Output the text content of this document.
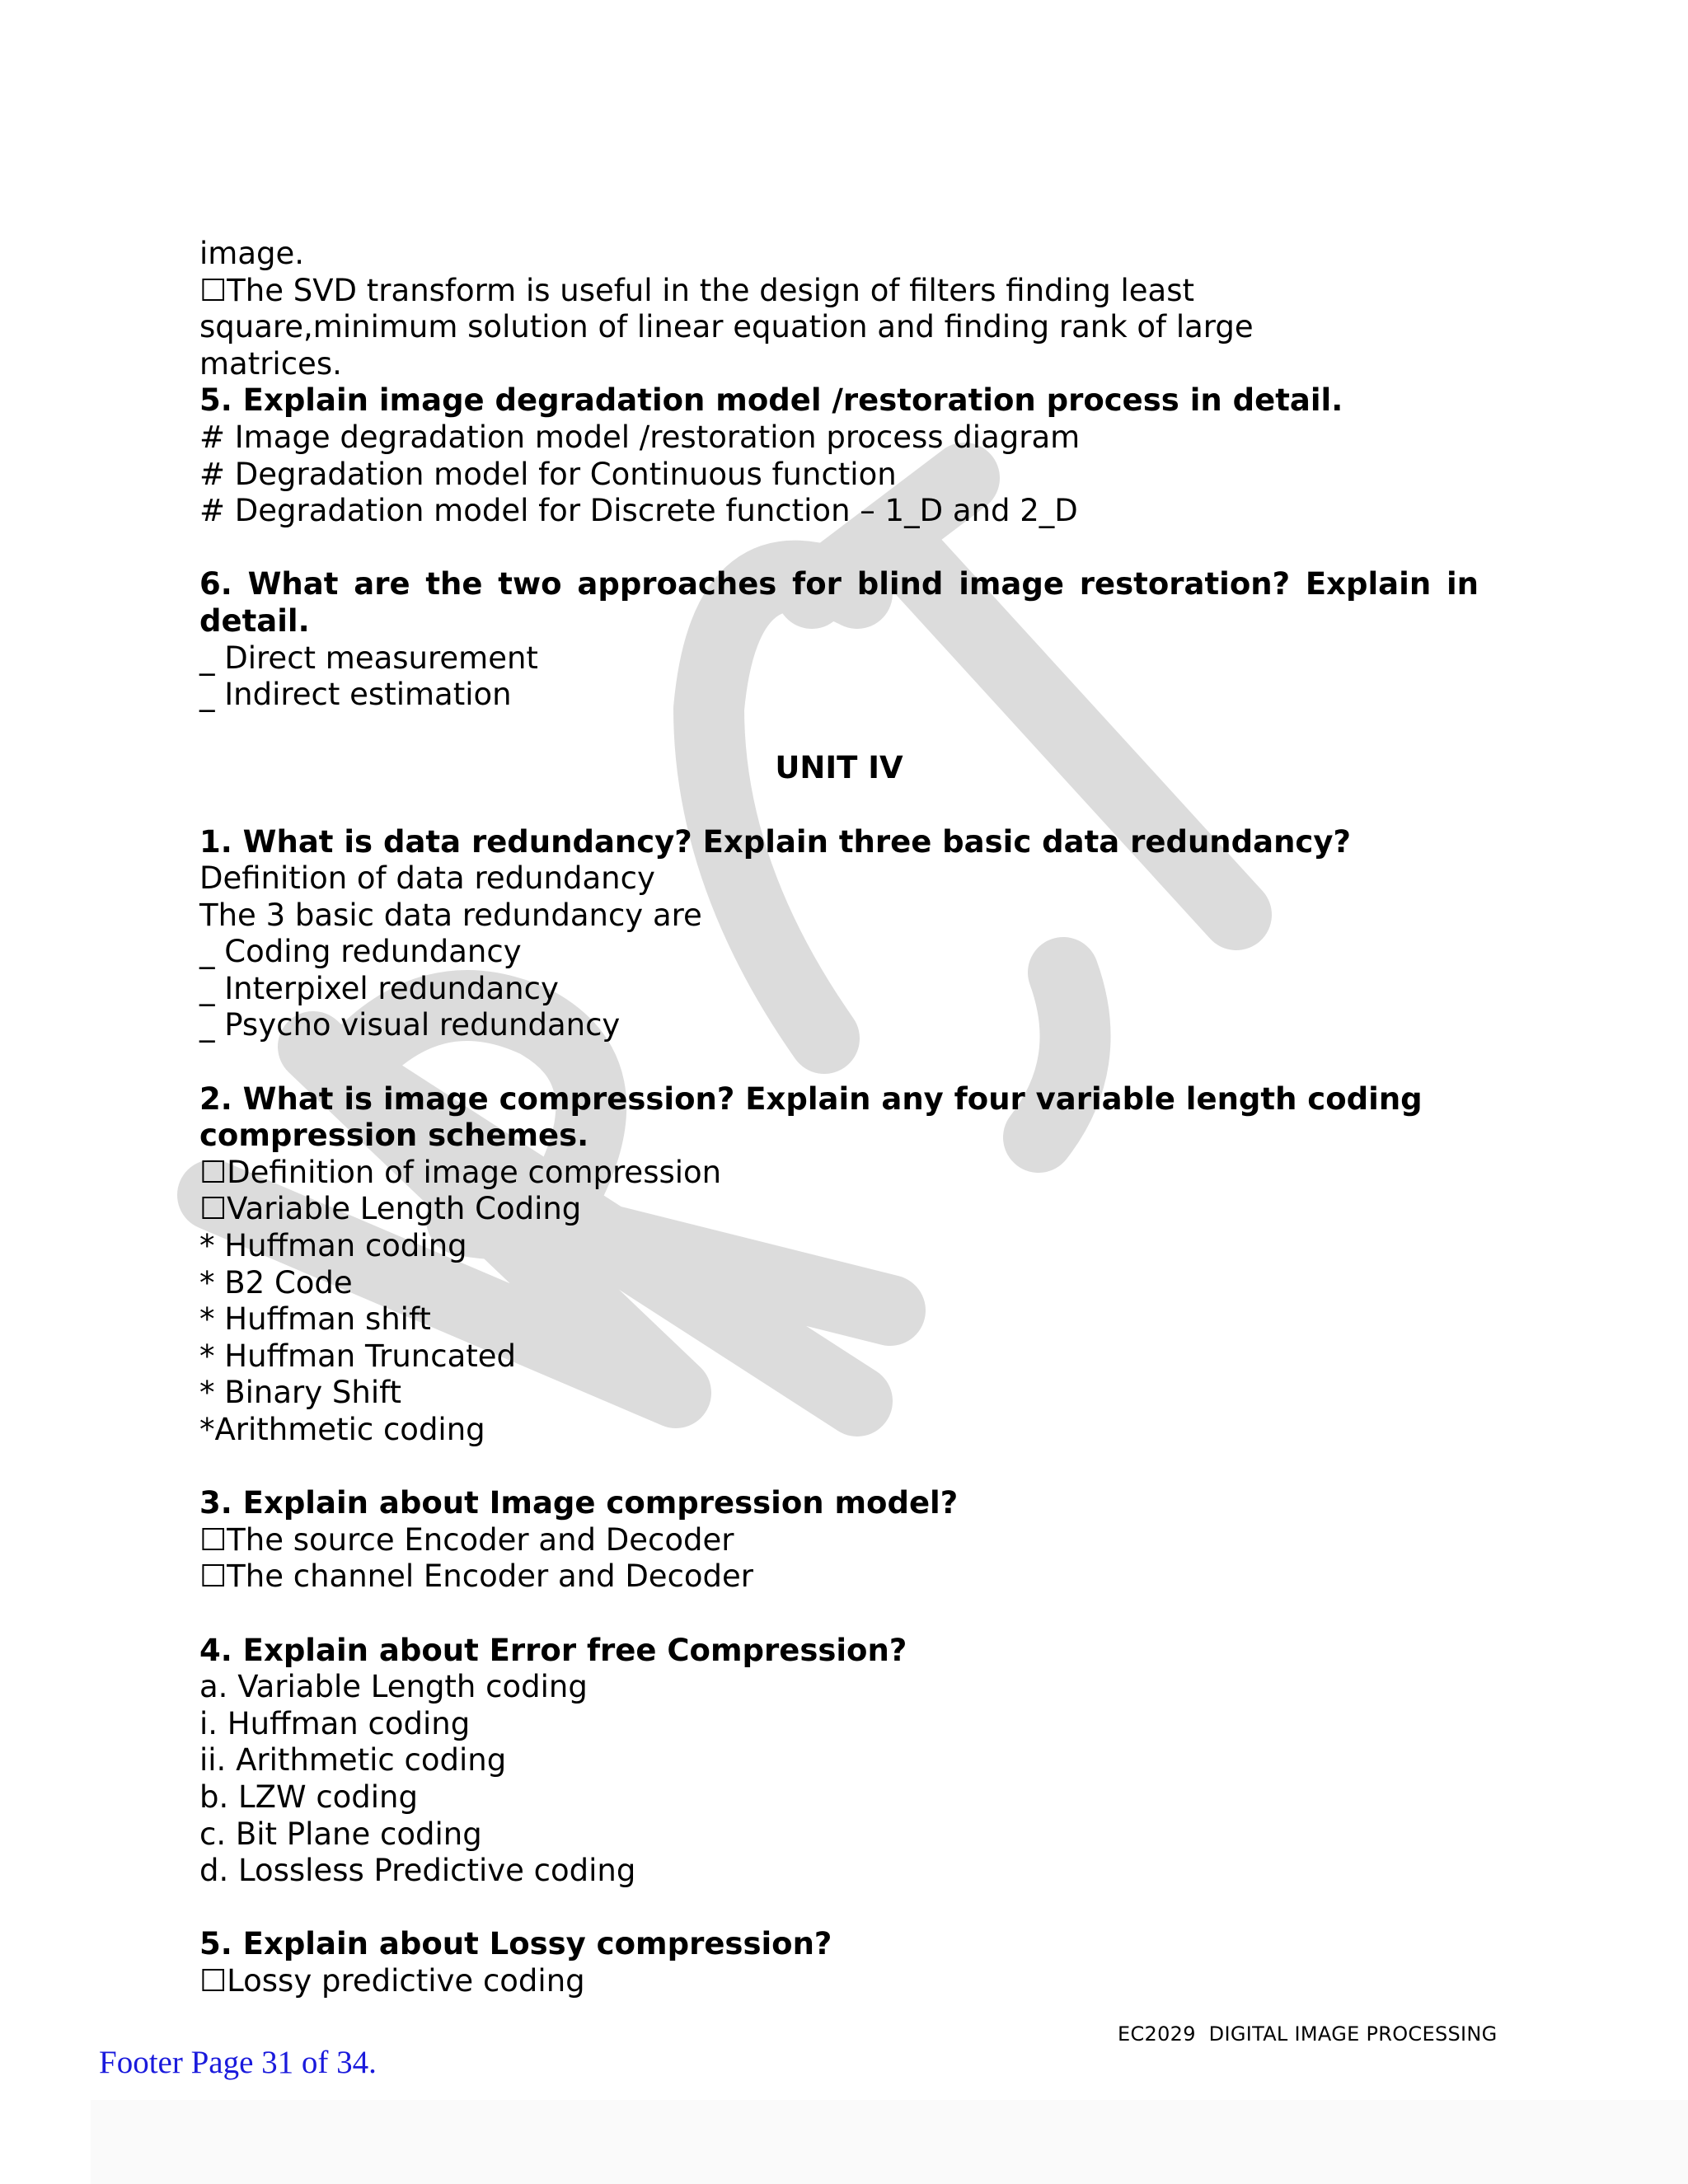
image.
☐The SVD transform is useful in the design of filters finding least
square,minimum solution of linear equation and finding rank of large
matrices.
5. Explain image degradation model /restoration process in detail.
# Image degradation model /restoration process diagram
# Degradation model for Continuous function
# Degradation model for Discrete function – 1_D and 2_D
6. What are the two approaches for blind image restoration? Explain in
detail.
_ Direct measurement
_ Indirect estimation
UNIT IV
1. What is data redundancy? Explain three basic data redundancy?
Definition of data redundancy
The 3 basic data redundancy are
_ Coding redundancy
_ Interpixel redundancy
_ Psycho visual redundancy
2. What is image compression? Explain any four variable length coding
compression schemes.
☐Definition of image compression
☐Variable Length Coding
* Huffman coding
* B2 Code
* Huffman shift
* Huffman Truncated
* Binary Shift
*Arithmetic coding
3. Explain about Image compression model?
☐The source Encoder and Decoder
☐The channel Encoder and Decoder
4. Explain about Error free Compression?
a. Variable Length coding
i. Huffman coding
ii. Arithmetic coding
b. LZW coding
c. Bit Plane coding
d. Lossless Predictive coding
5. Explain about Lossy compression?
☐Lossy predictive coding
EC2029  DIGITAL IMAGE PROCESSING
Footer Page 31 of 34.
